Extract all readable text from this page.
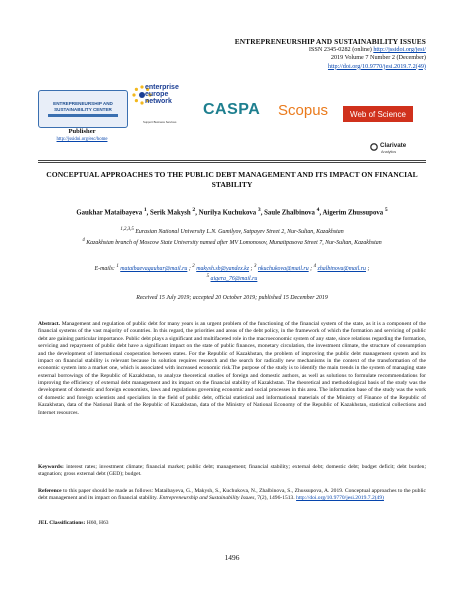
ENTREPRENEURSHIP AND SUSTAINABILITY ISSUES
ISSN 2345-0282 (online) http://jssidoi.org/jesi/
2019 Volume 7 Number 2 (December)
http://doi.org/10.9770/jesi.2019.7.2(49)
ENTREPRENEURSHIP AND
SUSTAINABILITY CENTER
Publisher
http://jssidoi.org/esc/home
enterprise
europe
network
Support Business Services
CASPA Scopus	Web of Science
Clarivate
Analytics
CONCEPTUAL APPROACHES TO THE PUBLIC DEBT MANAGEMENT AND ITS IMPACT ON FINANCIAL STABILITY
Gaukhar Mataibayeva $^1$, Serik Makysh $^2$, Nurilya Kuchukova $^3$, Saule Zhalbinova $^4$, Aigerim Zhussupova $^5$
$^{1,2,3,5}$ Eurasian National University L.N. Gumilyov, Satpayev Street 2, Nur-Sultan, Kazakhstan
$^4$ Kazakhstan branch of Moscow State University named after MV Lomonosov, Munaitpasova Street 7, Nur-Sultan, Kazakhstan
E-mails: $^1$ mataibaevagauhar@mail.ru ; $^2$ makysh.sb@yandex.kz ; $^3$ nkuchukova@mail.ru ; $^4$ zhalbinova@mail.ru ;
$^5$ aigera_76@mail.ru
Received 15 July 2019; accepted 20 October 2019; published 15 December 2019
Abstract. Management and regulation of public debt for many years is an urgent problem of the functioning of the financial system of the state, as it is a component of the financial systems of the vast majority of countries. In this regard, the priorities and areas of the debt policy, in the framework of which the formation and servicing of public debt are gaining particular importance. Public debt plays a significant and multifaceted role in the macroeconomic system of any state, since relations regarding the formation, servicing and repayment of public debt have a significant impact on the state of public finances, monetary circulation, the investment climate, the structure of consumption and the development of international cooperation between states. For the Republic of Kazakhstan, the problem of improving the public debt management system and its impact on financial stability is relevant because its solution requires research and the search for radically new mechanisms in the context of the transformation of the economic system into a market one, which is associated with increased economic risk.The purpose of the study is to identify the main trends in the system of managing state external borrowings of the Republic of Kazakhstan, to analyze theoretical studies of foreign and domestic authors, as well as solutions to formulate recommendations for improving the efficiency of external debt management and its impact on the financial stability of Kazakhstan. The theoretical and methodological basis of the study was the development of domestic and foreign economists, laws and regulations governing economic and social processes in this area. The information base of the study was the work of domestic and foreign scientists and specialists in the field of public debt, official statistical and informational materials of the Ministry of Finance of the Republic of Kazakhstan, data of the National Bank of the Republic of Kazakhstan, data of the Ministry of National Economy of the Republic of Kazakhstan, statistical collections and Internet resources.
Keywords: interest rates; investment climate; financial market; public debt; management; financial stability; external debt; domestic debt; budget deficit; debt burden; stagnation; gross external debt (GED); budget.
Reference to this paper should be made as follows: Mataibayeva, G., Makysh, S., Kuchukova, N., Zhalbinova, S., Zhussupova, A. 2019. Conceptual approaches to the public debt management and its impact on financial stability. Entrepreneurship and Sustainability Issues, 7(2), 1496-1513. http://doi.org/10.9770/jesi.2019.7.2(49)
JEL Classifications: H60, H63
1496
